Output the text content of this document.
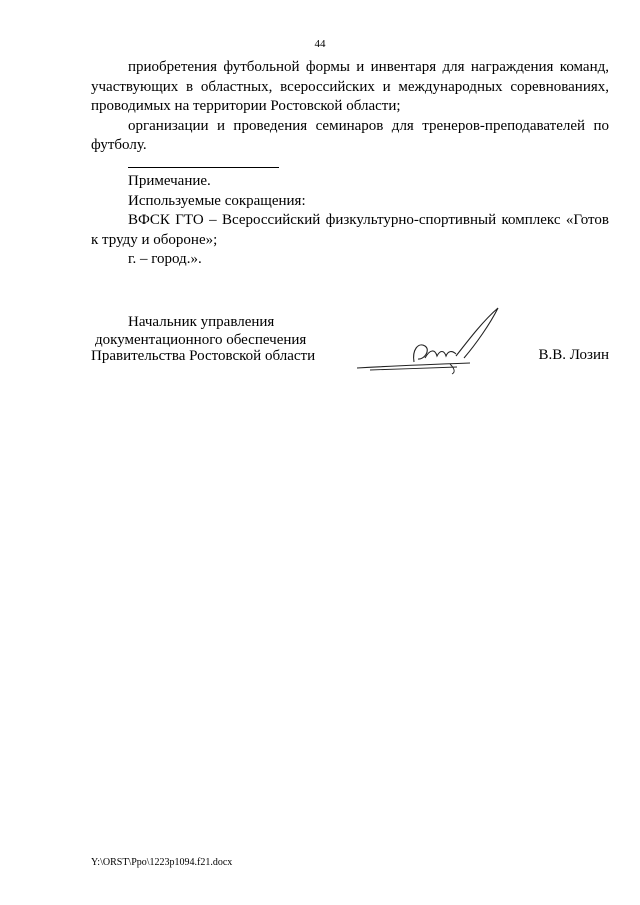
44

приобретения футбольной формы и инвентаря для награждения команд, участвующих в областных, всероссийских и международных соревнованиях, проводимых на территории Ростовской области;

организации и проведения семинаров для тренеров-преподавателей по футболу.

Примечание.

Используемые сокращения:

ВФСК ГТО – Всероссийский физкультурно-спортивный комплекс «Готов к труду и обороне»;

г. – город.».

Начальник управления
документационного обеспечения
Правительства Ростовской области	В.В. Лозин
Y:\ORST\Ppo\1223p1094.f21.docx
